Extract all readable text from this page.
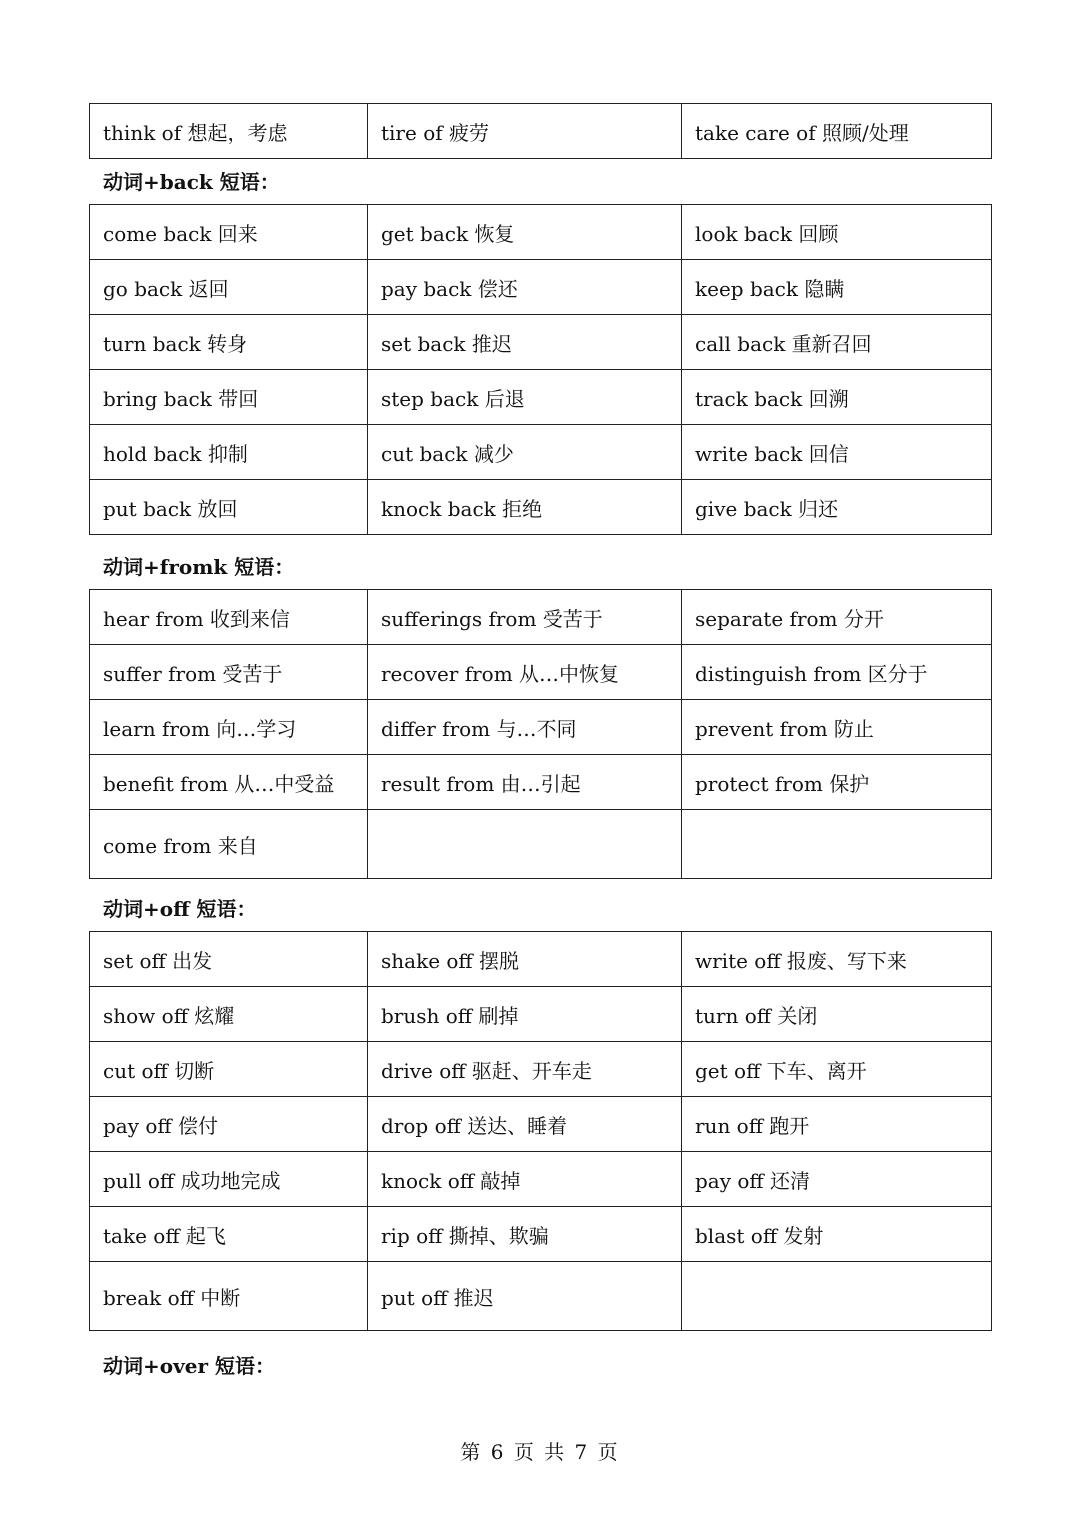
think of 想起，考虑	tire of 疲劳	take care of 照顾/处理
动词+back 短语：
come back 回来	get back 恢复	look back 回顾
go back 返回	pay back 偿还	keep back 隐瞒
turn back 转身	set back 推迟	call back 重新召回
bring back 带回	step back 后退	track back 回溯
hold back 抑制	cut back 减少	write back 回信
put back 放回	knock back 拒绝	give back 归还
动词+fromk 短语：
hear from 收到来信	sufferings from 受苦于	separate from 分开
suffer from 受苦于	recover from 从…中恢复	distinguish from 区分于
learn from 向…学习	differ from 与…不同	prevent from 防止
benefit from 从…中受益	result from 由…引起	protect from 保护
come from 来自		
动词+off 短语：
set off 出发	shake off 摆脱	write off 报废、写下来
show off 炫耀	brush off 刷掉	turn off 关闭
cut off 切断	drive off 驱赶、开车走	get off 下车、离开
pay off 偿付	drop off 送达、睡着	run off 跑开
pull off 成功地完成	knock off 敲掉	pay off 还清
take off 起飞	rip off 撕掉、欺骗	blast off 发射
break off 中断	put off 推迟	
动词+over 短语：
第 6 页 共 7 页
